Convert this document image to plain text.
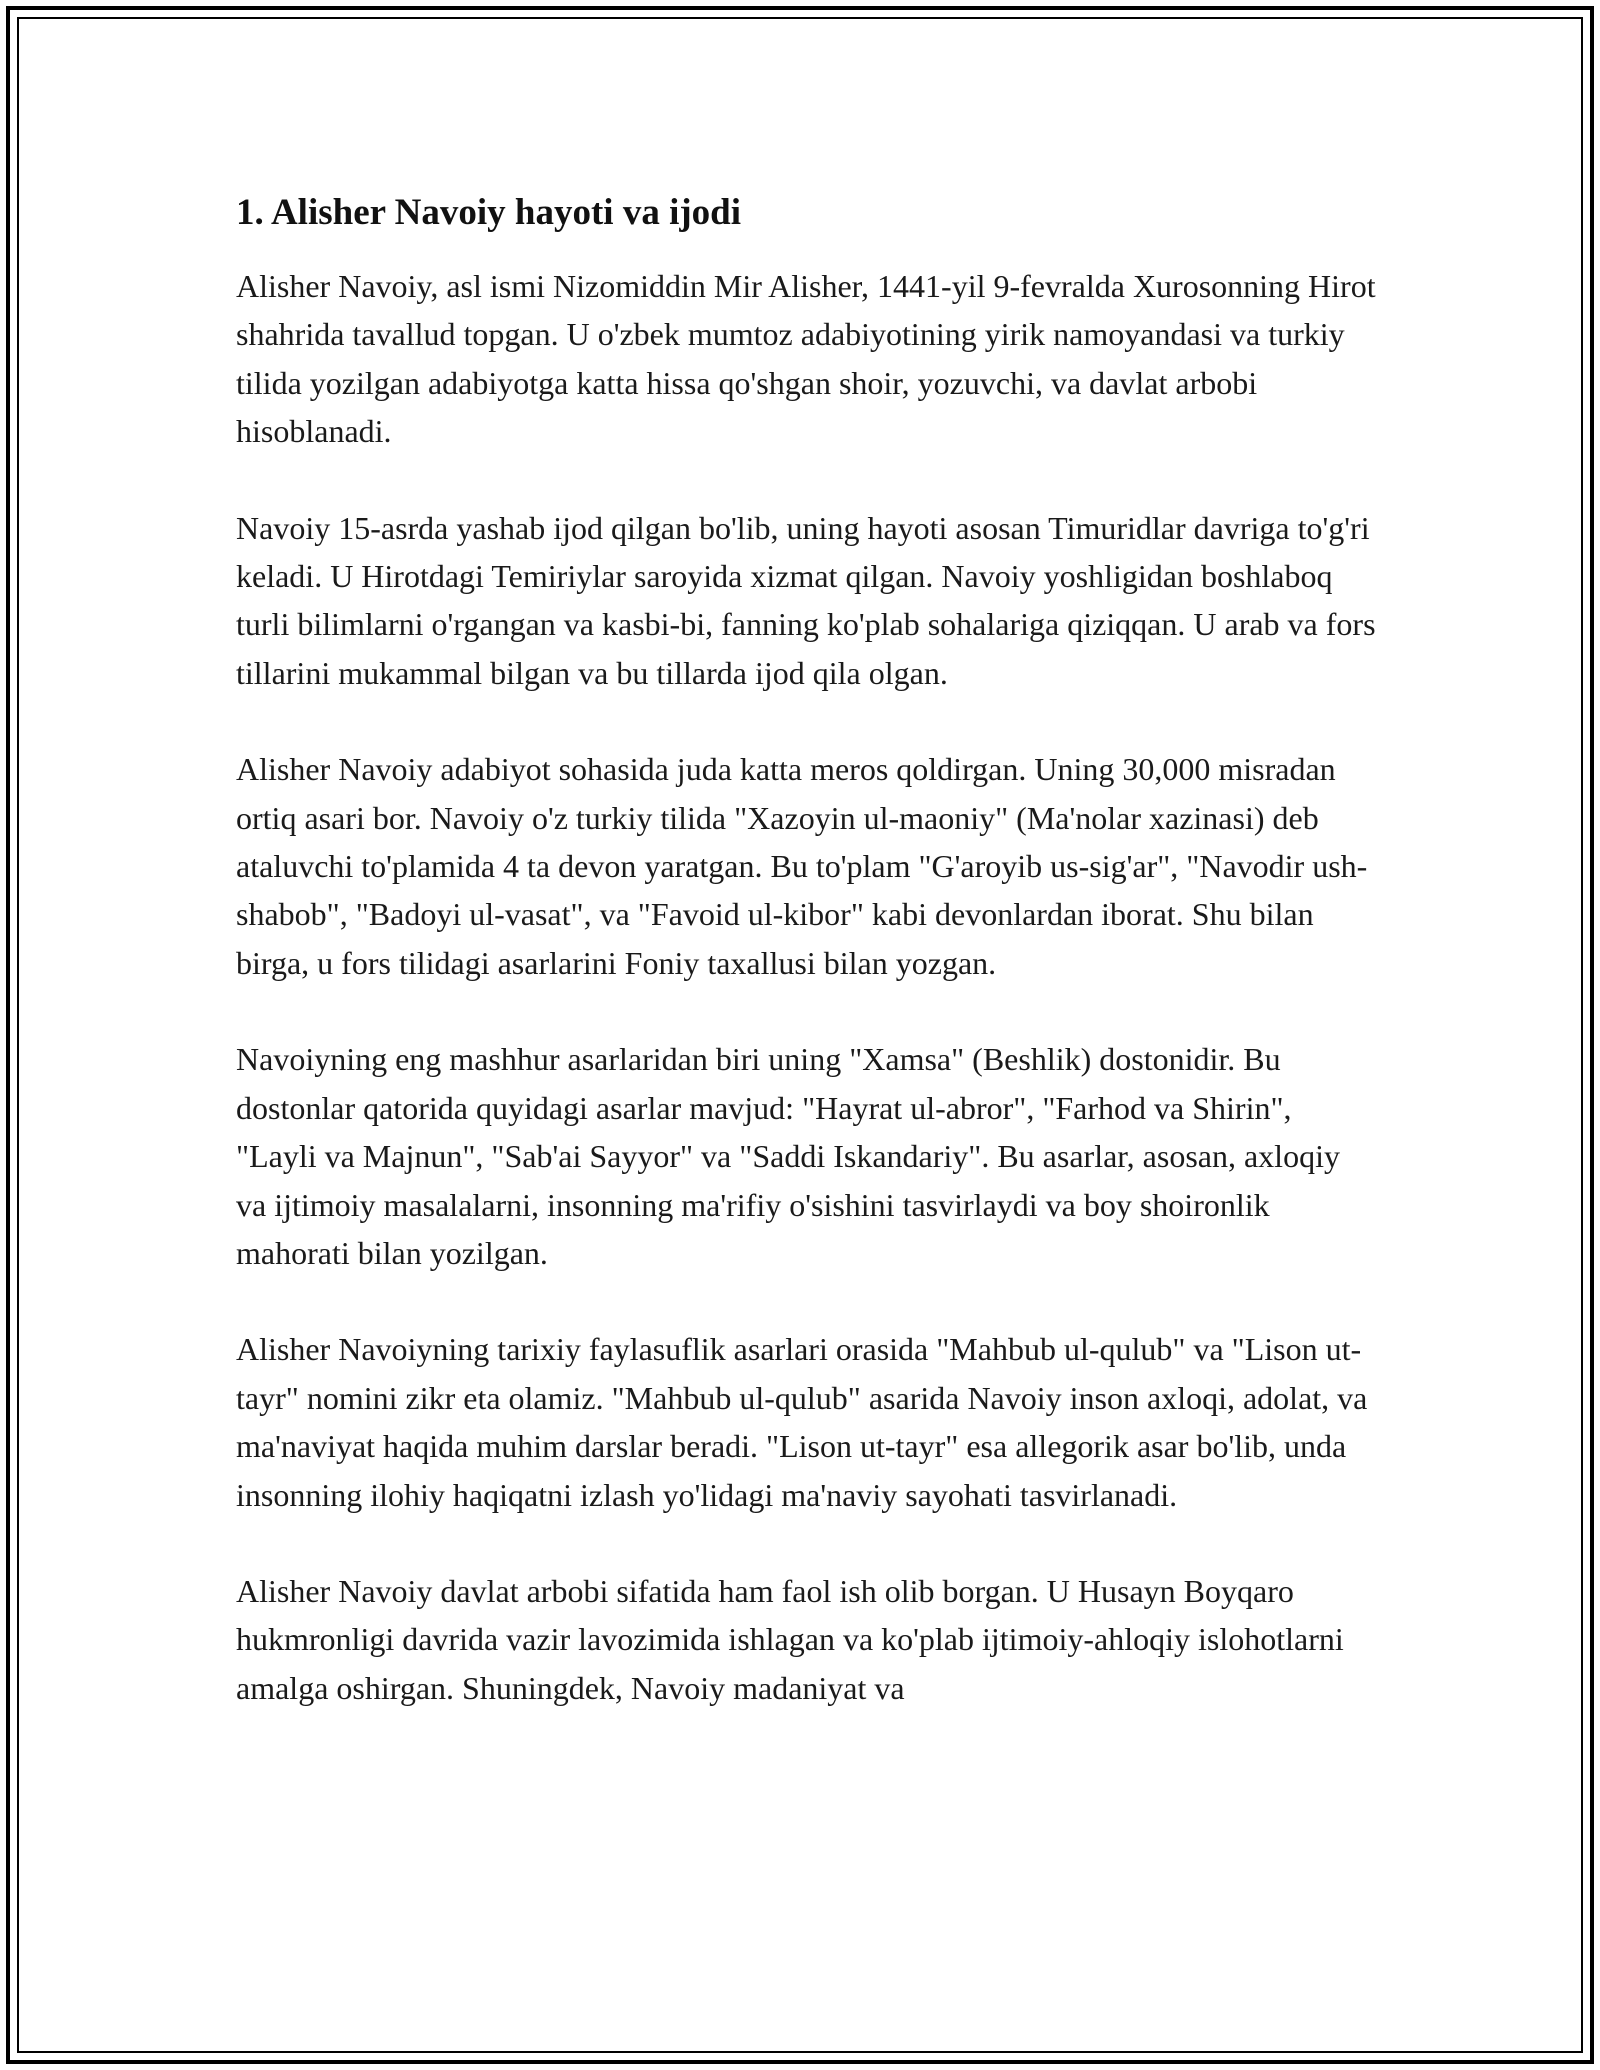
1. Alisher Navoiy hayoti va ijodi

Alisher Navoiy, asl ismi Nizomiddin Mir Alisher, 1441-yil 9-fevralda Xurosonning Hirot shahrida tavallud topgan. U o'zbek mumtoz adabiyotining yirik namoyandasi va turkiy tilida yozilgan adabiyotga katta hissa qo'shgan shoir, yozuvchi, va davlat arbobi hisoblanadi.

Navoiy 15-asrda yashab ijod qilgan bo'lib, uning hayoti asosan Timuridlar davriga to'g'ri keladi. U Hirotdagi Temiriylar saroyida xizmat qilgan. Navoiy yoshligidan boshlaboq turli bilimlarni o'rgangan va kasbi-bi, fanning ko'plab sohalariga qiziqqan. U arab va fors tillarini mukammal bilgan va bu tillarda ijod qila olgan.

Alisher Navoiy adabiyot sohasida juda katta meros qoldirgan. Uning 30,000 misradan ortiq asari bor. Navoiy o'z turkiy tilida "Xazoyin ul-maoniy" (Ma'nolar xazinasi) deb ataluvchi to'plamida 4 ta devon yaratgan. Bu to'plam "G'aroyib us-sig'ar", "Navodir ush-shabob", "Badoyi ul-vasat", va "Favoid ul-kibor" kabi devonlardan iborat. Shu bilan birga, u fors tilidagi asarlarini Foniy taxallusi bilan yozgan.

Navoiyning eng mashhur asarlaridan biri uning "Xamsa" (Beshlik) dostonidir. Bu dostonlar qatorida quyidagi asarlar mavjud: "Hayrat ul-abror", "Farhod va Shirin", "Layli va Majnun", "Sab'ai Sayyor" va "Saddi Iskandariy". Bu asarlar, asosan, axloqiy va ijtimoiy masalalarni, insonning ma'rifiy o'sishini tasvirlaydi va boy shoironlik mahorati bilan yozilgan.

Alisher Navoiyning tarixiy faylasuflik asarlari orasida "Mahbub ul-qulub" va "Lison ut-tayr" nomini zikr eta olamiz. "Mahbub ul-qulub" asarida Navoiy inson axloqi, adolat, va ma'naviyat haqida muhim darslar beradi. "Lison ut-tayr" esa allegorik asar bo'lib, unda insonning ilohiy haqiqatni izlash yo'lidagi ma'naviy sayohati tasvirlanadi.

Alisher Navoiy davlat arbobi sifatida ham faol ish olib borgan. U Husayn Boyqaro hukmronligi davrida vazir lavozimida ishlagan va ko'plab ijtimoiy-ahloqiy islohotlarni amalga oshirgan. Shuningdek, Navoiy madaniyat va
